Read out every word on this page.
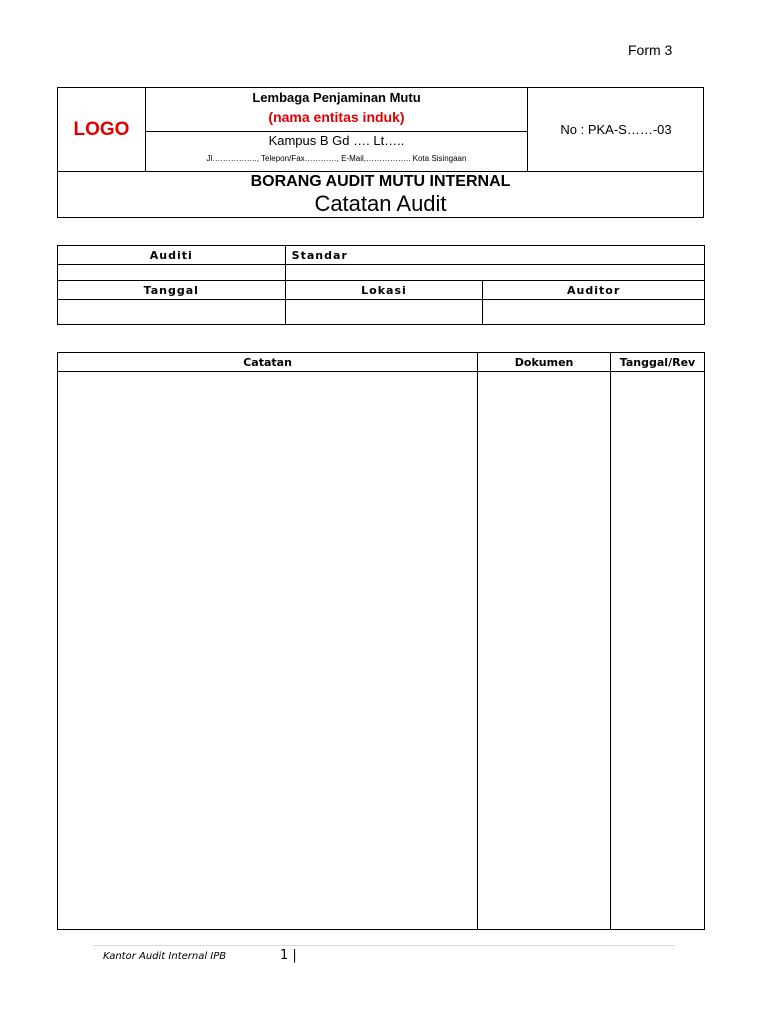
Form 3
LOGO
Lembaga Penjaminan Mutu
(nama entitas induk)
Kampus B Gd …. Lt…..
Jl…………….., Telepon/Fax…………, E-Mail,…………….. Kota Sisingaan
No : PKA-S……-03
BORANG AUDIT MUTU INTERNAL
Catatan Audit
Auditi	Standar	

Tanggal	Lokasi	Auditor

Catatan	Dokumen	Tanggal/Rev

Kantor Audit Internal IPB	1 |
